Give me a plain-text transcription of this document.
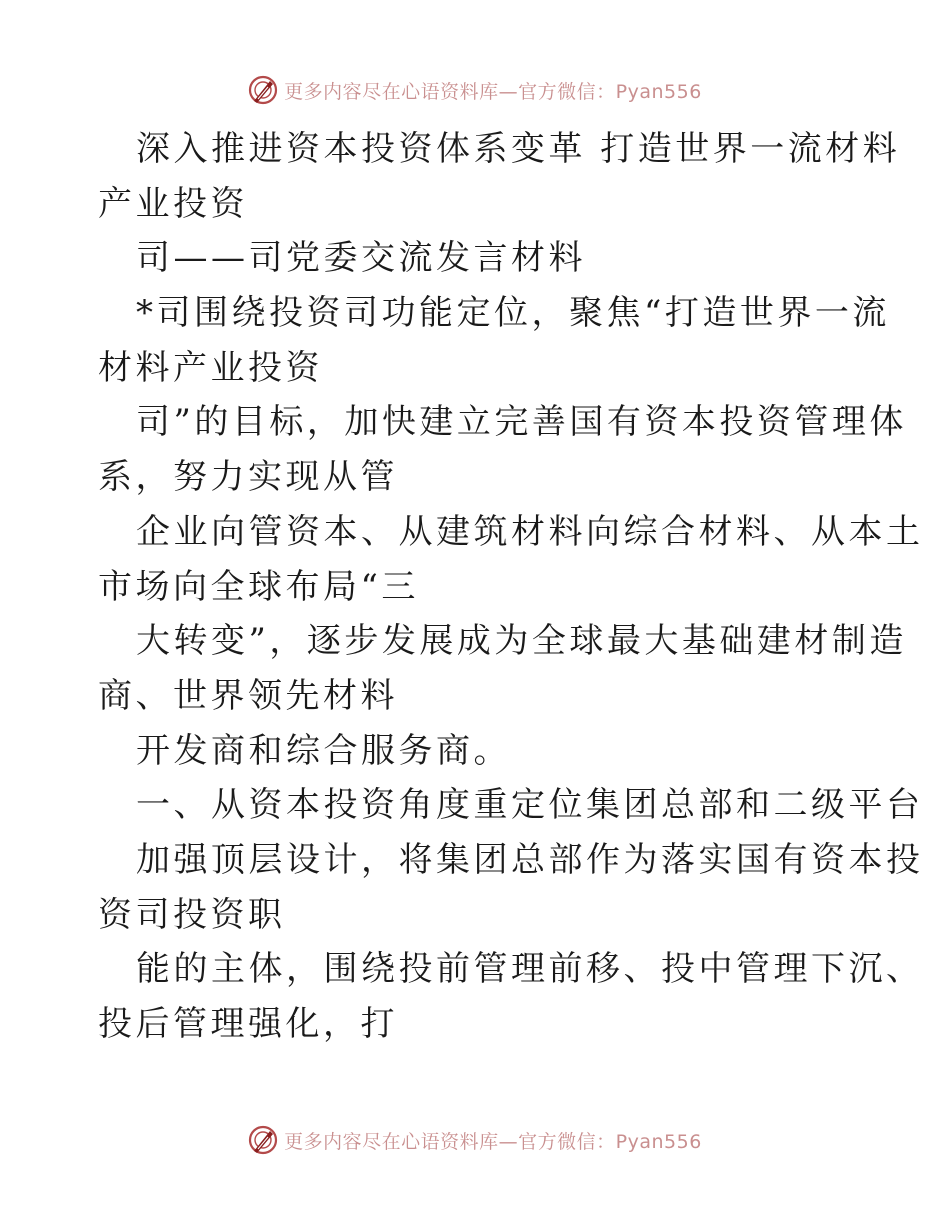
更多内容尽在心语资料库—官方微信：Pyan556
深入推进资本投资体系变革 打造世界一流材料
产业投资
司——司党委交流发言材料
*司围绕投资司功能定位，聚焦“打造世界一流
材料产业投资
司”的目标，加快建立完善国有资本投资管理体
系，努力实现从管
企业向管资本、从建筑材料向综合材料、从本土
市场向全球布局“三
大转变”，逐步发展成为全球最大基础建材制造
商、世界领先材料
开发商和综合服务商。
一、从资本投资角度重定位集团总部和二级平台
加强顶层设计，将集团总部作为落实国有资本投
资司投资职
能的主体，围绕投前管理前移、投中管理下沉、
投后管理强化，打
更多内容尽在心语资料库—官方微信：Pyan556
